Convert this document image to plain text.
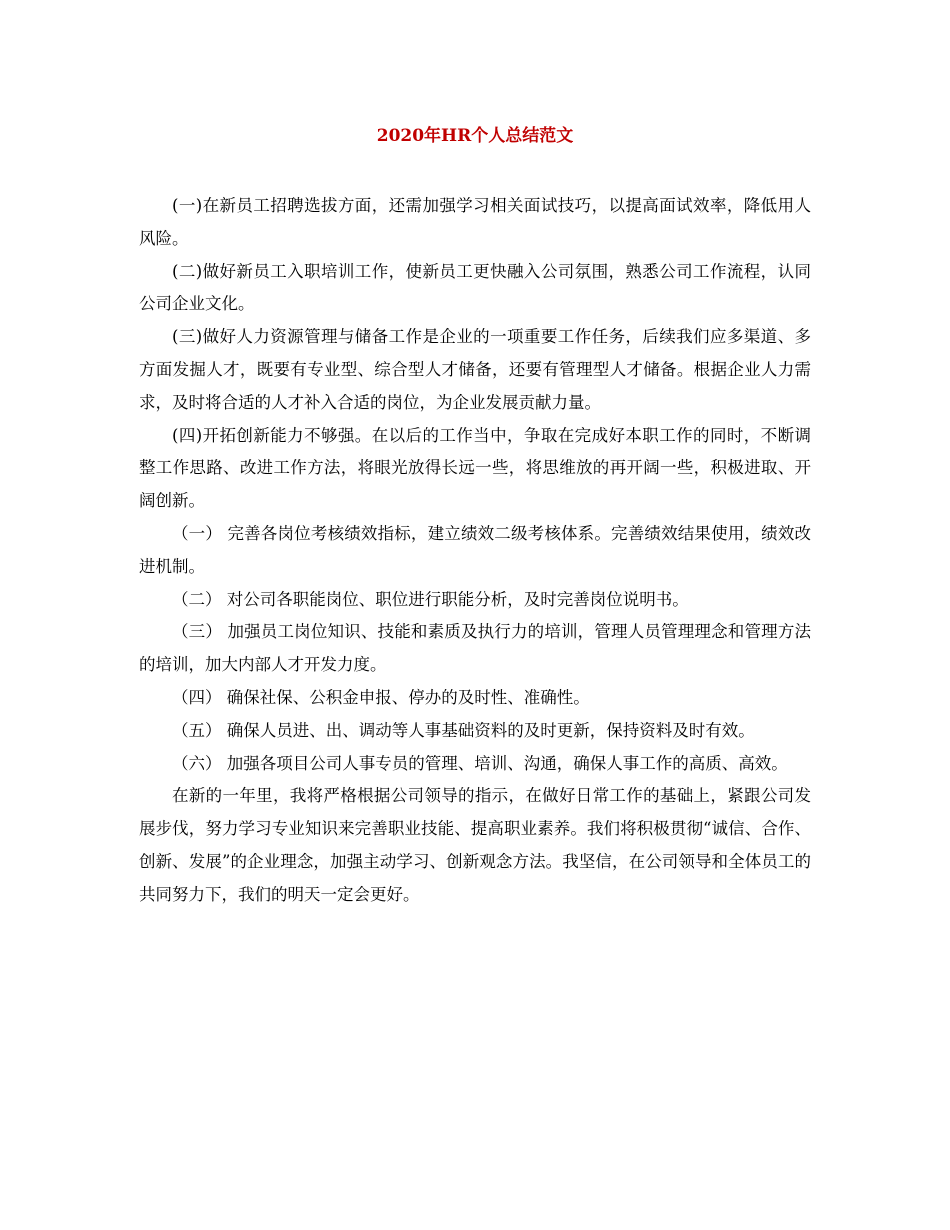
2020年HR个人总结范文

(一)在新员工招聘选拔方面，还需加强学习相关面试技巧，以提高面试效率，降低用人风险。

(二)做好新员工入职培训工作，使新员工更快融入公司氛围，熟悉公司工作流程，认同公司企业文化。

(三)做好人力资源管理与储备工作是企业的一项重要工作任务，后续我们应多渠道、多方面发掘人才，既要有专业型、综合型人才储备，还要有管理型人才储备。根据企业人力需求，及时将合适的人才补入合适的岗位，为企业发展贡献力量。

(四)开拓创新能力不够强。在以后的工作当中，争取在完成好本职工作的同时，不断调整工作思路、改进工作方法，将眼光放得长远一些，将思维放的再开阔一些，积极进取、开阔创新。

（一） 完善各岗位考核绩效指标，建立绩效二级考核体系。完善绩效结果使用，绩效改进机制。

（二） 对公司各职能岗位、职位进行职能分析，及时完善岗位说明书。

（三） 加强员工岗位知识、技能和素质及执行力的培训，管理人员管理理念和管理方法的培训，加大内部人才开发力度。

（四） 确保社保、公积金申报、停办的及时性、准确性。

（五） 确保人员进、出、调动等人事基础资料的及时更新，保持资料及时有效。

（六） 加强各项目公司人事专员的管理、培训、沟通，确保人事工作的高质、高效。

在新的一年里，我将严格根据公司领导的指示，在做好日常工作的基础上，紧跟公司发展步伐，努力学习专业知识来完善职业技能、提高职业素养。我们将积极贯彻“诚信、合作、创新、发展”的企业理念，加强主动学习、创新观念方法。我坚信，在公司领导和全体员工的共同努力下，我们的明天一定会更好。
